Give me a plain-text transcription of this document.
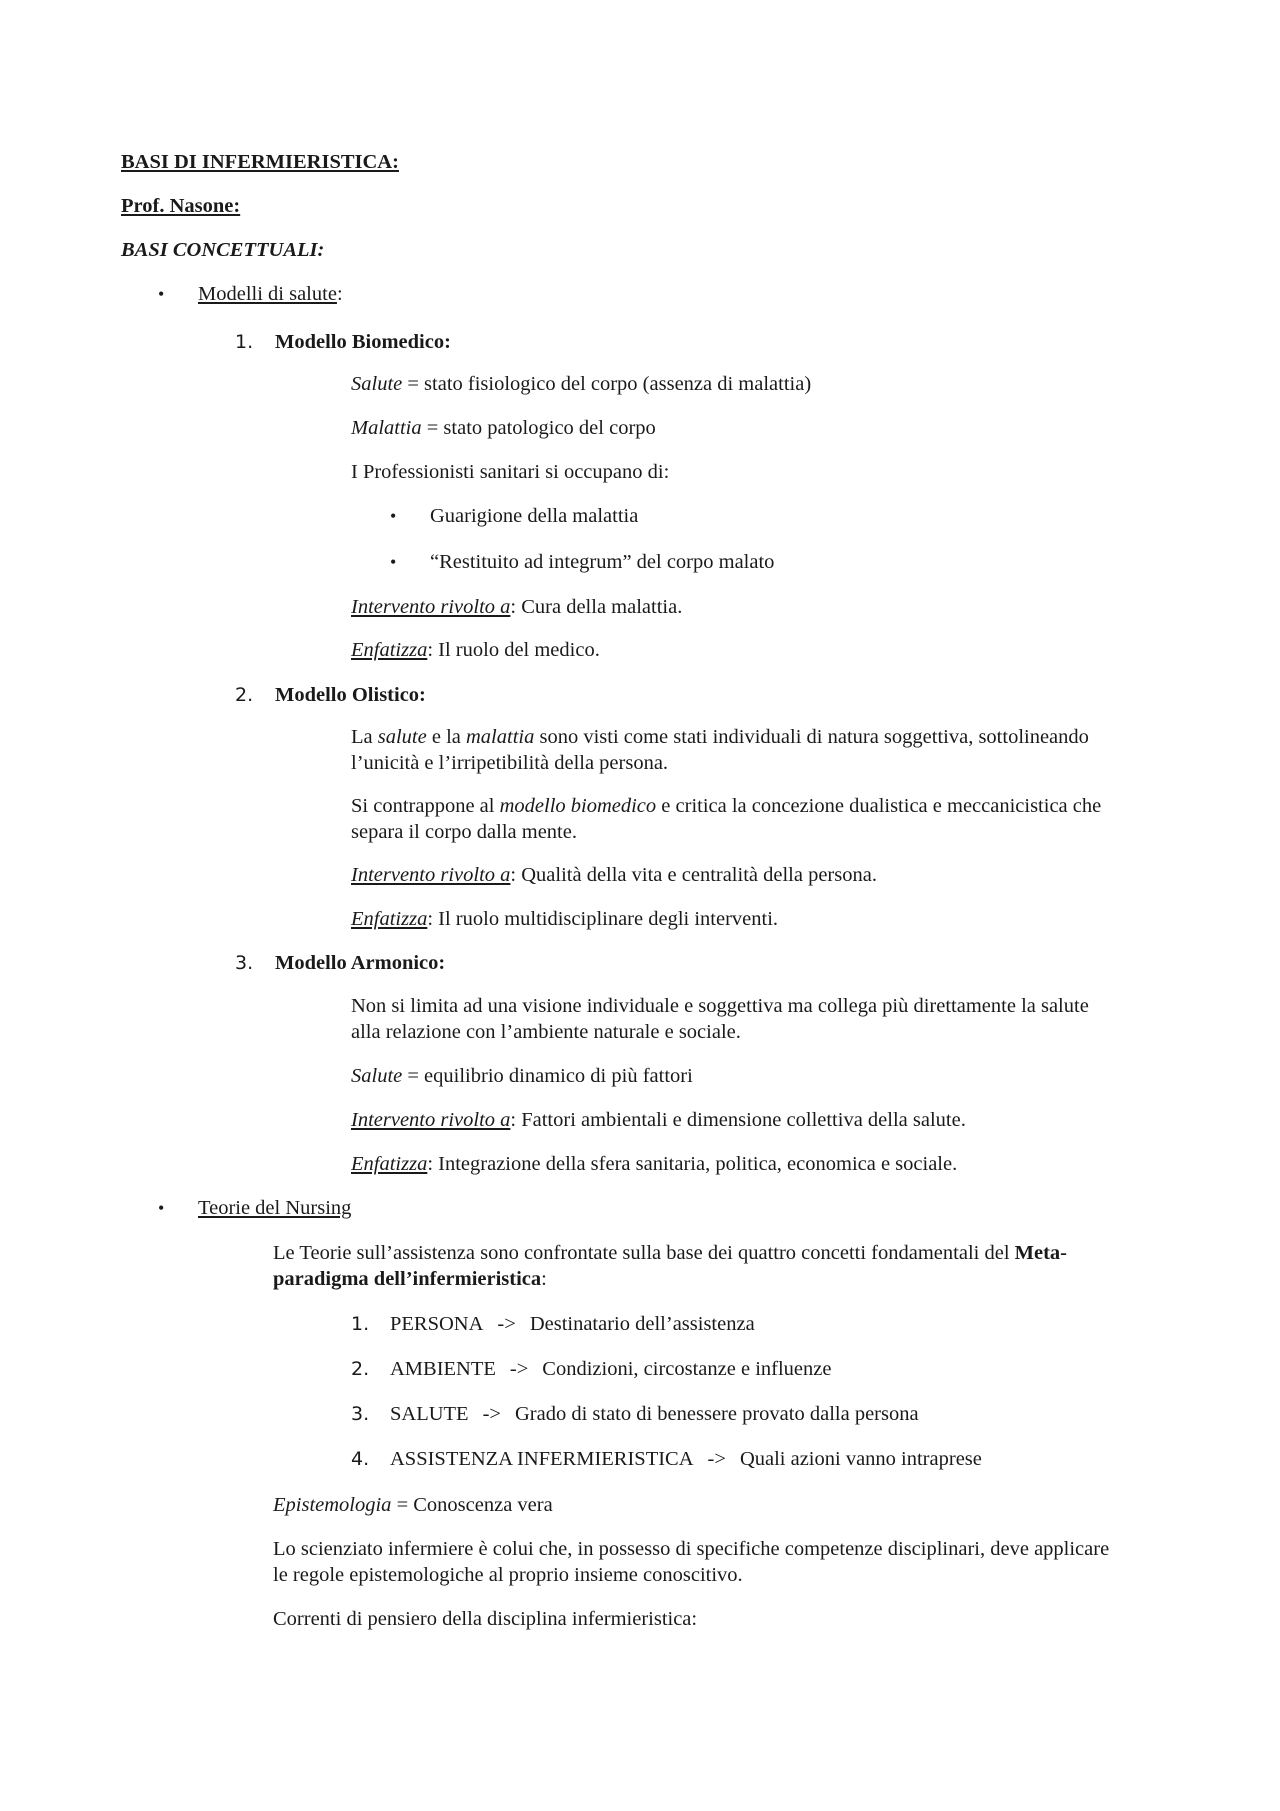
BASI DI INFERMIERISTICA:
Prof. Nasone:
BASI CONCETTUALI:
• Modelli di salute:
1. Modello Biomedico:
Salute = stato fisiologico del corpo (assenza di malattia)
Malattia = stato patologico del corpo
I Professionisti sanitari si occupano di:
• Guarigione della malattia
• “Restituito ad integrum” del corpo malato
Intervento rivolto a: Cura della malattia.
Enfatizza: Il ruolo del medico.
2. Modello Olistico:
La salute e la malattia sono visti come stati individuali di natura soggettiva, sottolineando
l’unicità e l’irripetibilità della persona.
Si contrappone al modello biomedico e critica la concezione dualistica e meccanicistica che
separa il corpo dalla mente.
Intervento rivolto a: Qualità della vita e centralità della persona.
Enfatizza: Il ruolo multidisciplinare degli interventi.
3. Modello Armonico:
Non si limita ad una visione individuale e soggettiva ma collega più direttamente la salute
alla relazione con l’ambiente naturale e sociale.
Salute = equilibrio dinamico di più fattori
Intervento rivolto a: Fattori ambientali e dimensione collettiva della salute.
Enfatizza: Integrazione della sfera sanitaria, politica, economica e sociale.
• Teorie del Nursing
Le Teorie sull’assistenza sono confrontate sulla base dei quattro concetti fondamentali del Meta-
paradigma dell’infermieristica:
1. PERSONA -> Destinatario dell’assistenza
2. AMBIENTE -> Condizioni, circostanze e influenze
3. SALUTE -> Grado di stato di benessere provato dalla persona
4. ASSISTENZA INFERMIERISTICA -> Quali azioni vanno intraprese
Epistemologia = Conoscenza vera
Lo scienziato infermiere è colui che, in possesso di specifiche competenze disciplinari, deve applicare
le regole epistemologiche al proprio insieme conoscitivo.
Correnti di pensiero della disciplina infermieristica:
